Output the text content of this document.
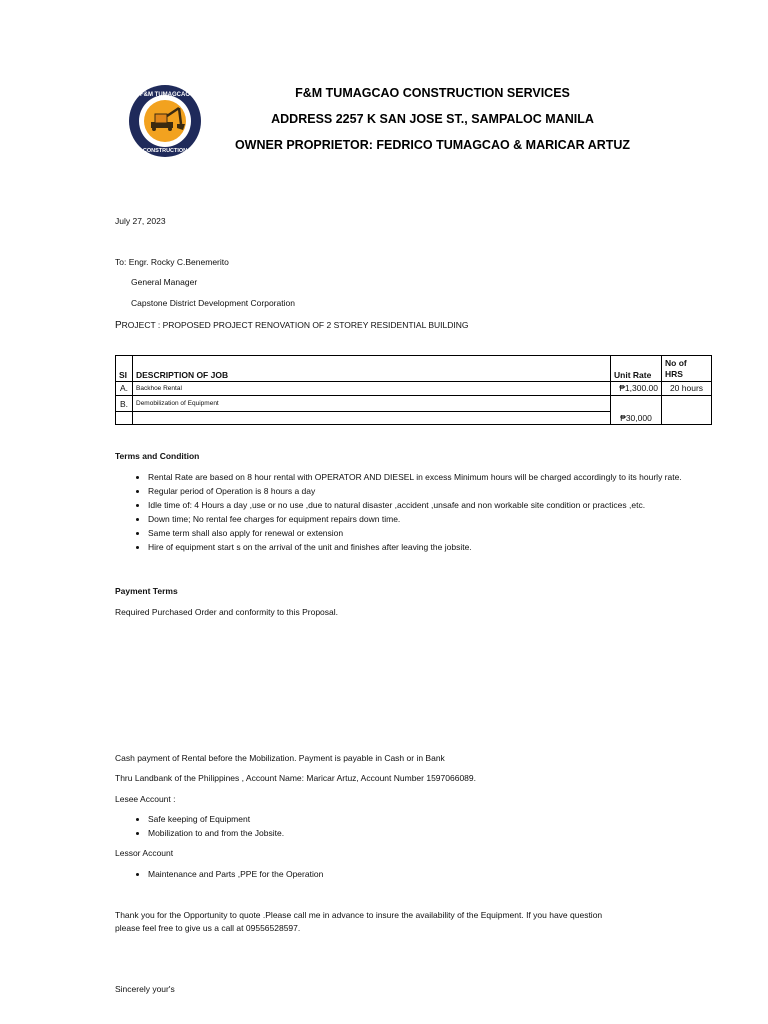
F&M TUMAGCAO
CONSTRUCTION
F&M TUMAGCAO CONSTRUCTION SERVICES
ADDRESS 2257 K SAN JOSE ST., SAMPALOC MANILA
OWNER PROPRIETOR: FEDRICO TUMAGCAO & MARICAR ARTUZ
July 27, 2023
To: Engr. Rocky C.Benemerito
General Manager
Capstone District Development Corporation
PROJECT : PROPOSED PROJECT RENOVATION OF 2 STOREY RESIDENTIAL BUILDING
SI	DESCRIPTION OF JOB	Unit Rate	No of
HRS
A.	Backhoe Rental	₱1,300.00	20 hours
B.	Demobilization of Equipment	₱30,000	

Terms and Condition
• Rental Rate are based on 8 hour rental with OPERATOR AND DIESEL in excess Minimum hours will be charged accordingly to its hourly rate.
• Regular period of Operation is 8 hours a day
• Idle time of: 4 Hours a day ,use or no use ,due to natural disaster ,accident ,unsafe and non workable site condition or practices ,etc.
• Down time; No rental fee charges for equipment repairs down time.
• Same term shall also apply for renewal or extension
• Hire of equipment start s on the arrival of the unit and finishes after leaving the jobsite.
Payment Terms
Required Purchased Order and conformity to this Proposal.
Cash payment of Rental before the Mobilization. Payment is payable in Cash or in Bank
Thru Landbank of the Philippines , Account Name: Maricar Artuz, Account Number 1597066089.
Lesee Account :
• Safe keeping of Equipment
• Mobilization to and from the Jobsite.
Lessor Account
• Maintenance and Parts ,PPE for the Operation
Thank you for the Opportunity to quote .Please call me in advance to insure the availability of the Equipment. If you have question
please feel free to give us a call at 09556528597.
Sincerely your's
